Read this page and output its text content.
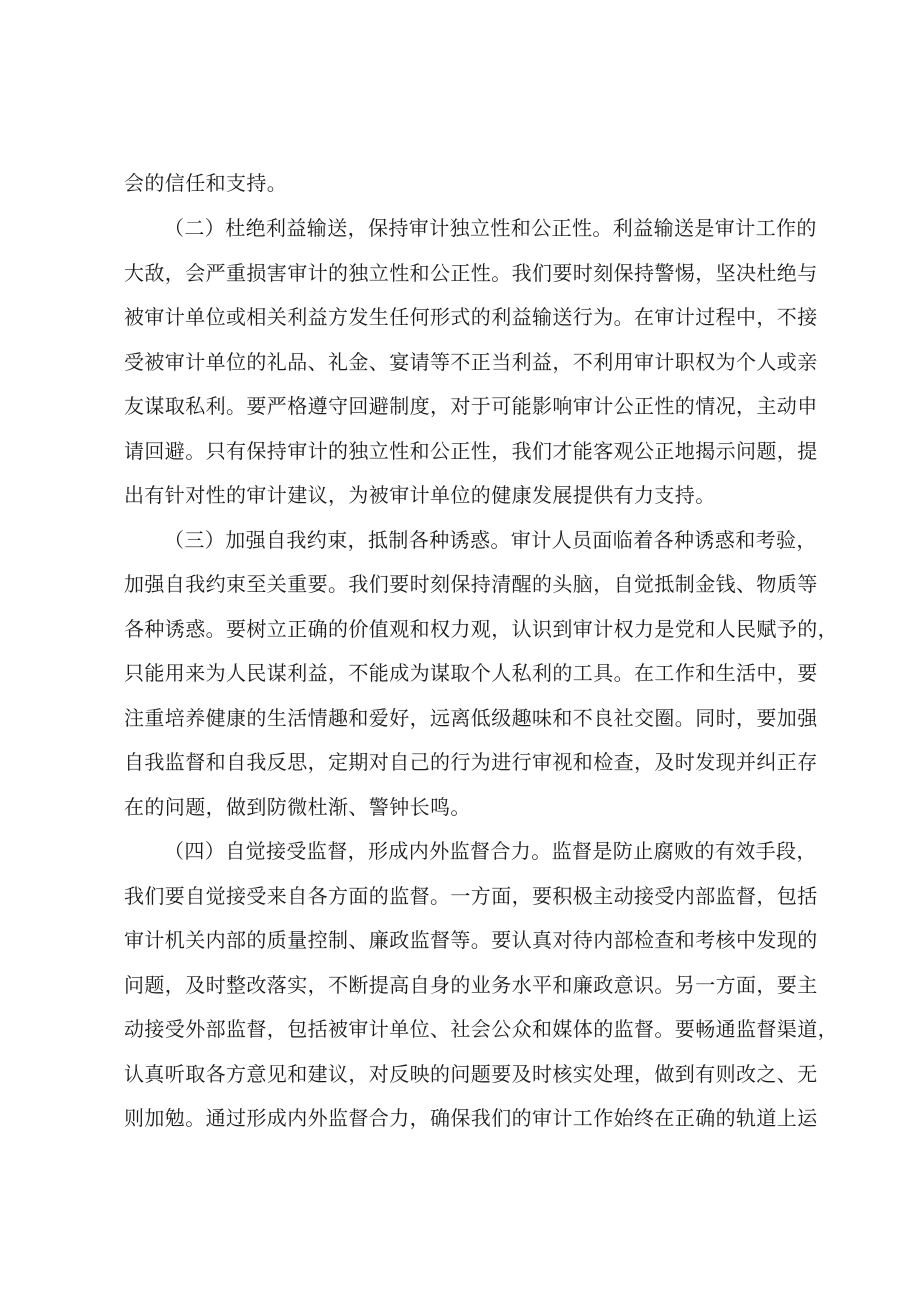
会的信任和支持。
（二）杜绝利益输送，保持审计独立性和公正性。利益输送是审计工作的
大敌，会严重损害审计的独立性和公正性。我们要时刻保持警惕，坚决杜绝与
被审计单位或相关利益方发生任何形式的利益输送行为。在审计过程中，不接
受被审计单位的礼品、礼金、宴请等不正当利益，不利用审计职权为个人或亲
友谋取私利。要严格遵守回避制度，对于可能影响审计公正性的情况，主动申
请回避。只有保持审计的独立性和公正性，我们才能客观公正地揭示问题，提
出有针对性的审计建议，为被审计单位的健康发展提供有力支持。
（三）加强自我约束，抵制各种诱惑。审计人员面临着各种诱惑和考验，
加强自我约束至关重要。我们要时刻保持清醒的头脑，自觉抵制金钱、物质等
各种诱惑。要树立正确的价值观和权力观，认识到审计权力是党和人民赋予的，
只能用来为人民谋利益，不能成为谋取个人私利的工具。在工作和生活中，要
注重培养健康的生活情趣和爱好，远离低级趣味和不良社交圈。同时，要加强
自我监督和自我反思，定期对自己的行为进行审视和检查，及时发现并纠正存
在的问题，做到防微杜渐、警钟长鸣。
（四）自觉接受监督，形成内外监督合力。监督是防止腐败的有效手段，
我们要自觉接受来自各方面的监督。一方面，要积极主动接受内部监督，包括
审计机关内部的质量控制、廉政监督等。要认真对待内部检查和考核中发现的
问题，及时整改落实，不断提高自身的业务水平和廉政意识。另一方面，要主
动接受外部监督，包括被审计单位、社会公众和媒体的监督。要畅通监督渠道，
认真听取各方意见和建议，对反映的问题要及时核实处理，做到有则改之、无
则加勉。通过形成内外监督合力，确保我们的审计工作始终在正确的轨道上运
